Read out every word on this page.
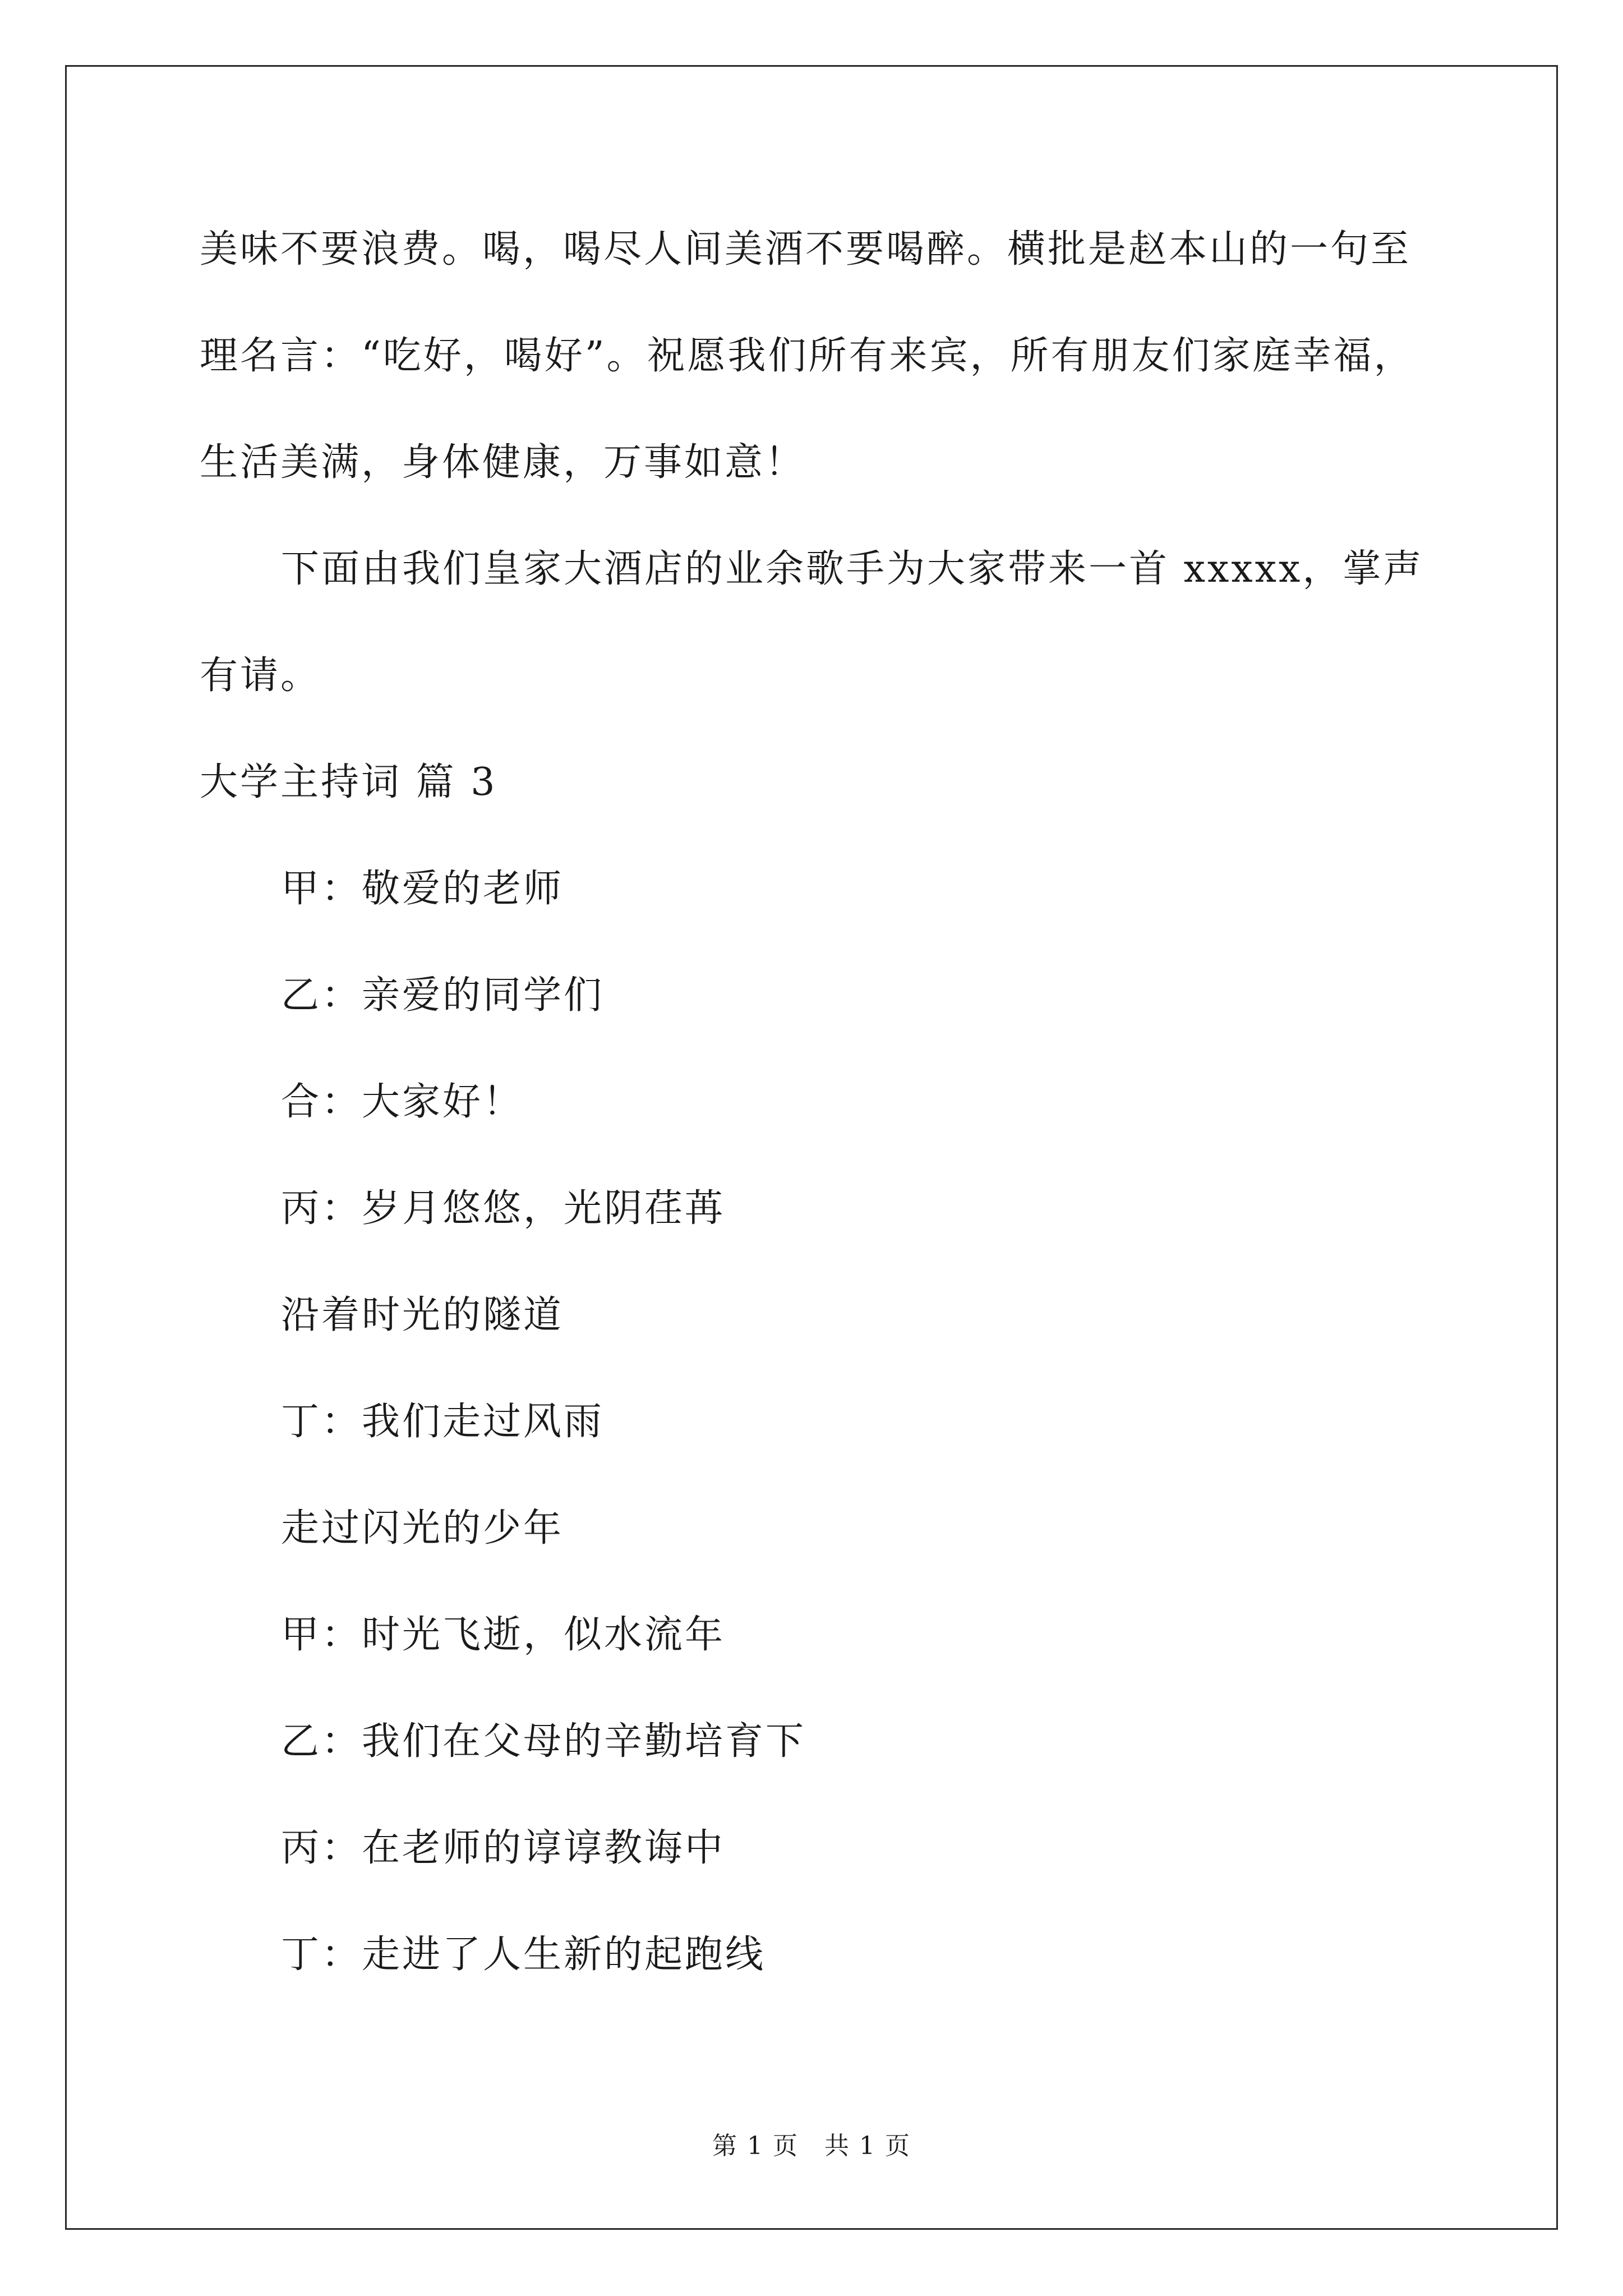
美味不要浪费。喝，喝尽人间美酒不要喝醉。横批是赵本山的一句至
理名言：“吃好，喝好”。祝愿我们所有来宾，所有朋友们家庭幸福，
生活美满，身体健康，万事如意！
下面由我们皇家大酒店的业余歌手为大家带来一首 xxxxx，掌声
有请。
大学主持词 篇 3
甲：敬爱的老师
乙：亲爱的同学们
合：大家好！
丙：岁月悠悠，光阴荏苒
沿着时光的隧道
丁：我们走过风雨
走过闪光的少年
甲：时光飞逝，似水流年
乙：我们在父母的辛勤培育下
丙：在老师的谆谆教诲中
丁：走进了人生新的起跑线
第 1 页　共 1 页
